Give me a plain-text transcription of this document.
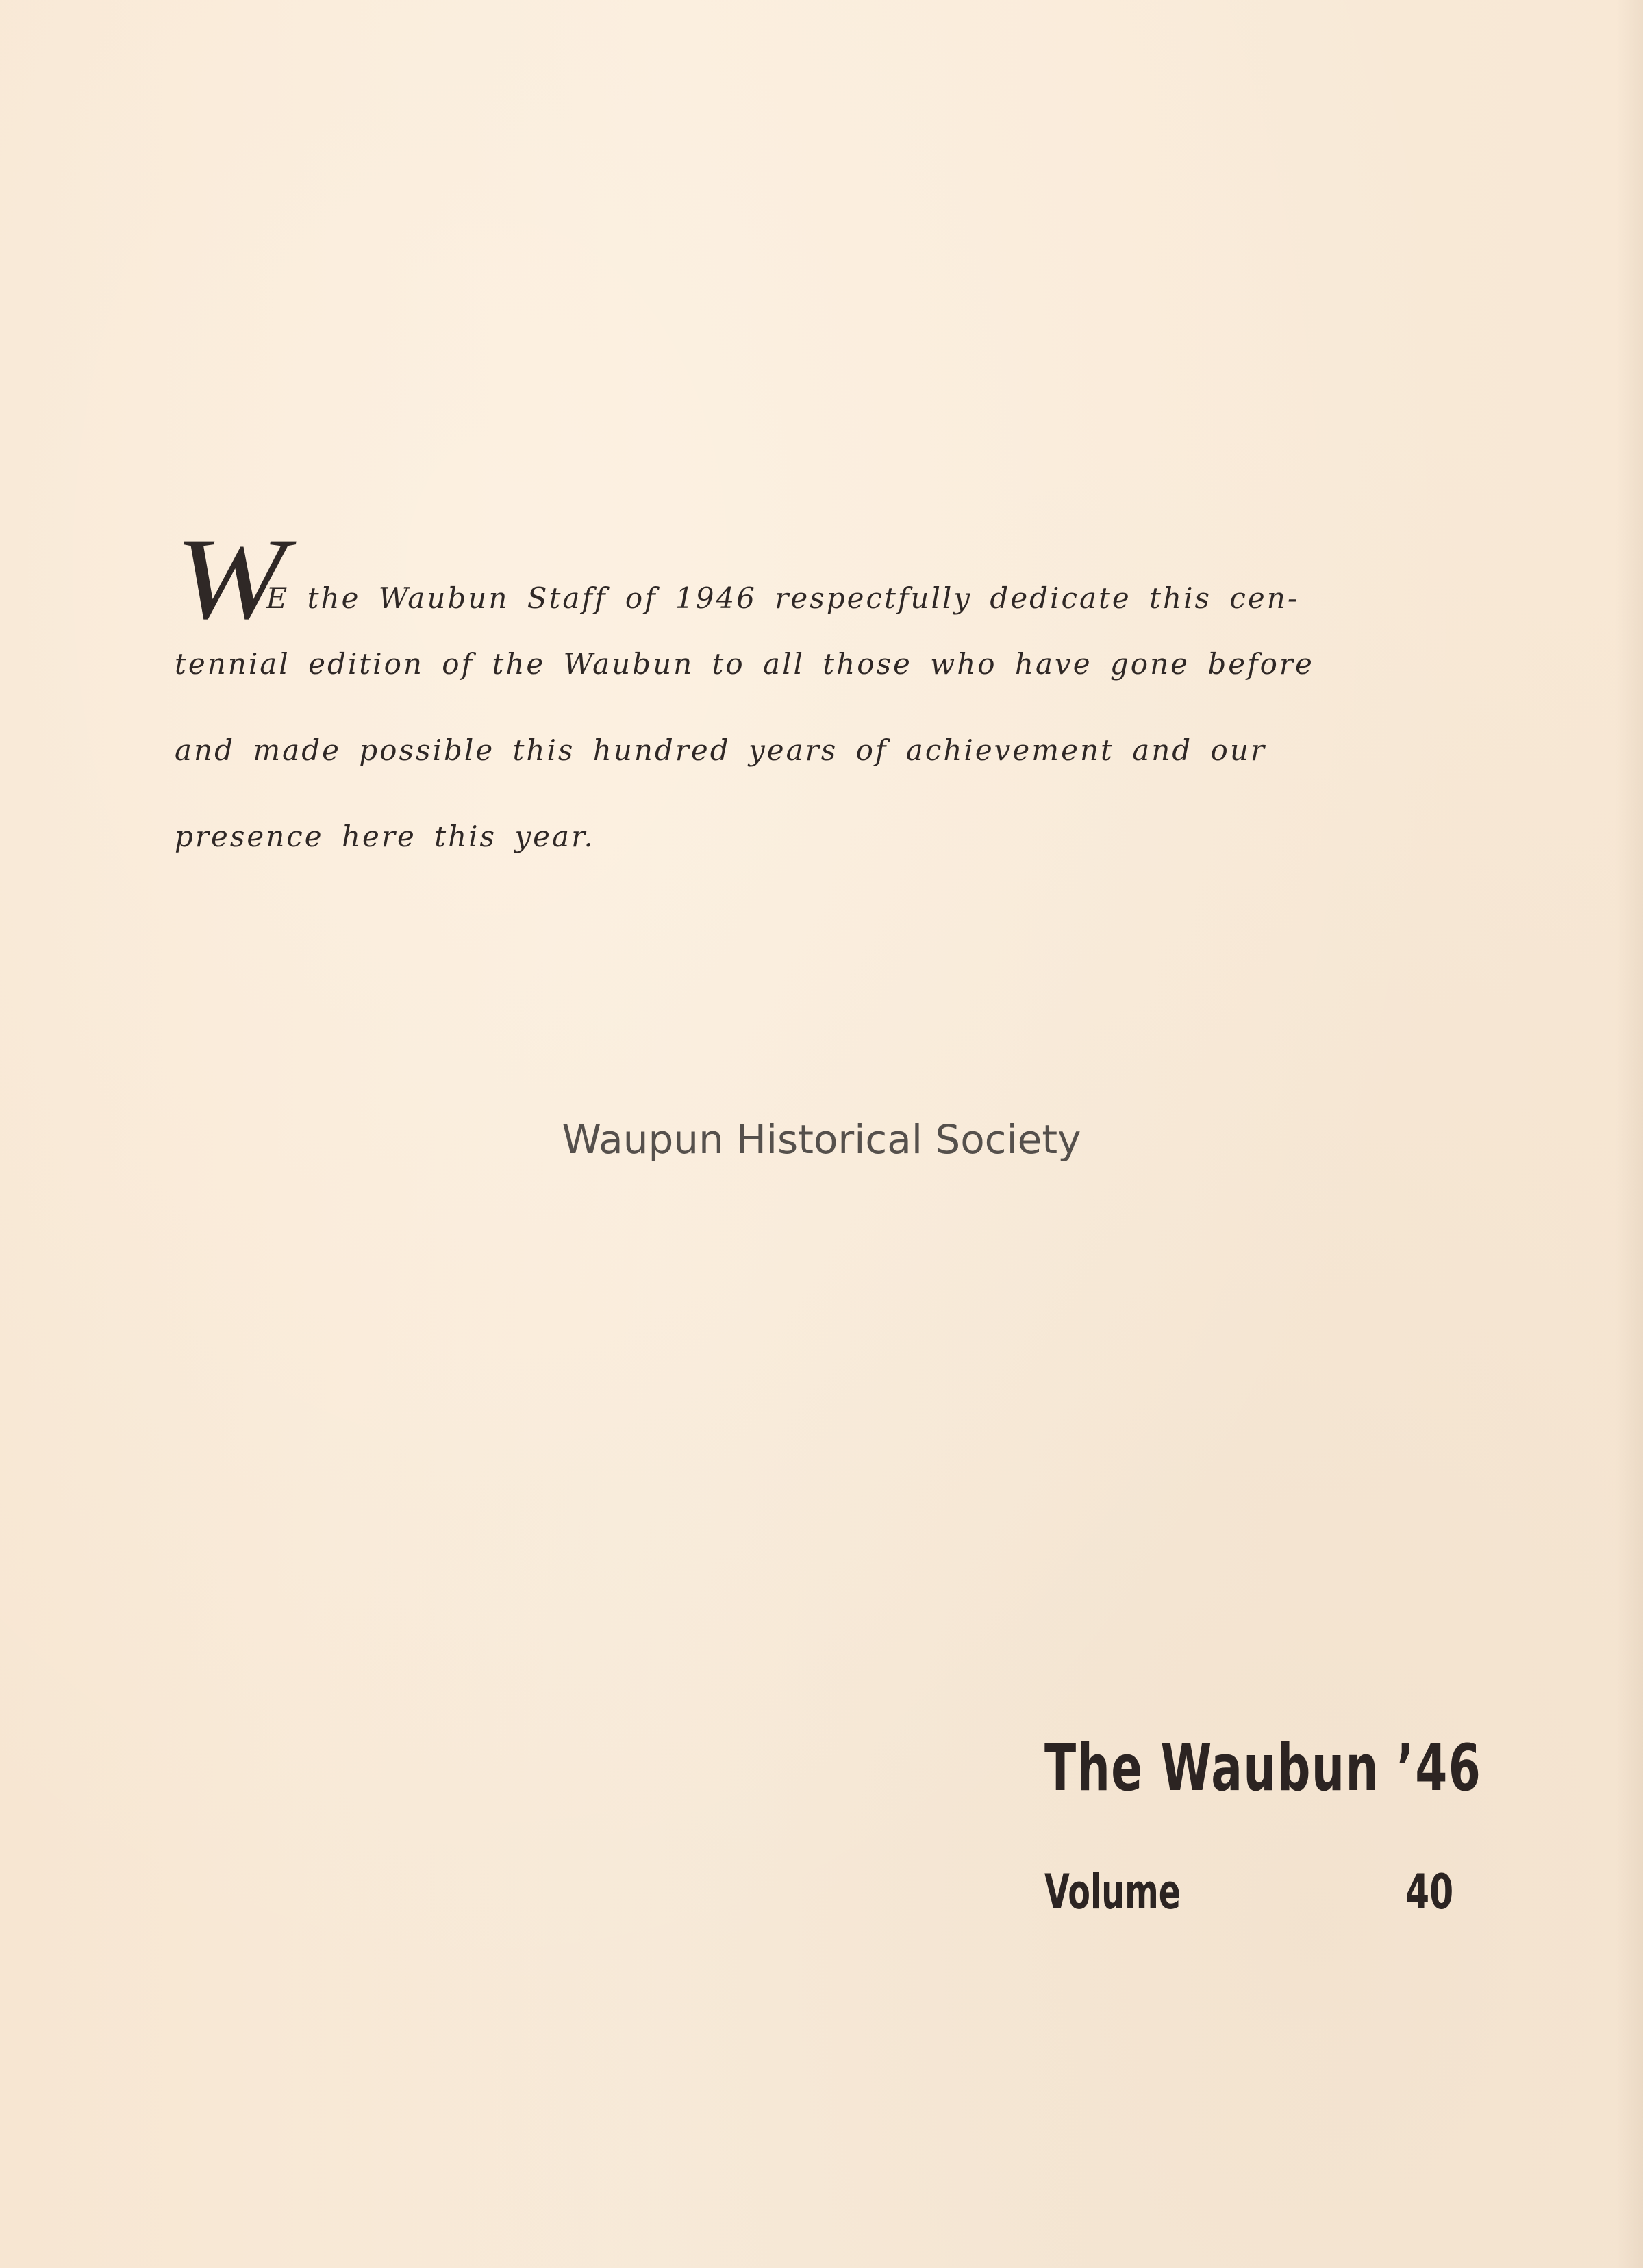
WE the Waubun Staff of 1946 respectfully dedicate this cen-
tennial edition of the Waubun to all those who have gone before
and made possible this hundred years of achievement and our
presence here this year.
Waupun Historical Society
The Waubun ’46
Volume	40
